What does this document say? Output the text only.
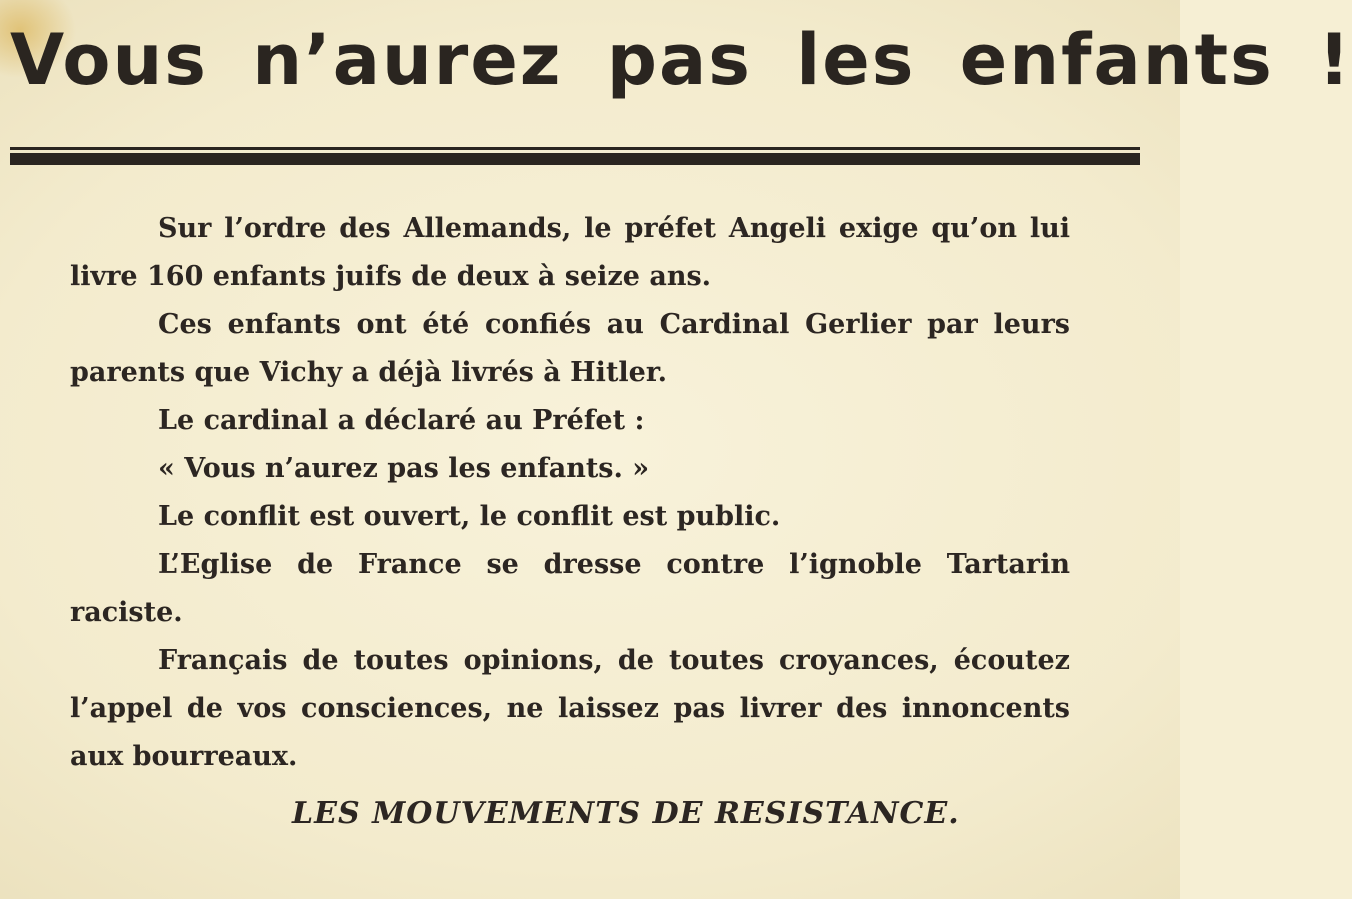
Vous n’aurez pas les enfants !

Sur l’ordre des Allemands, le préfet Angeli exige qu’on lui livre 160 enfants juifs de deux à seize ans.

Ces enfants ont été confiés au Cardinal Gerlier par leurs parents que Vichy a déjà livrés à Hitler.

Le cardinal a déclaré au Préfet :

« Vous n’aurez pas les enfants. »

Le conflit est ouvert, le conflit est public.

L’Eglise de France se dresse contre l’ignoble Tartarin raciste.

Français de toutes opinions, de toutes croyances, écoutez l’appel de vos consciences, ne laissez pas livrer des innoncents aux bourreaux.

LES MOUVEMENTS DE RESISTANCE.
